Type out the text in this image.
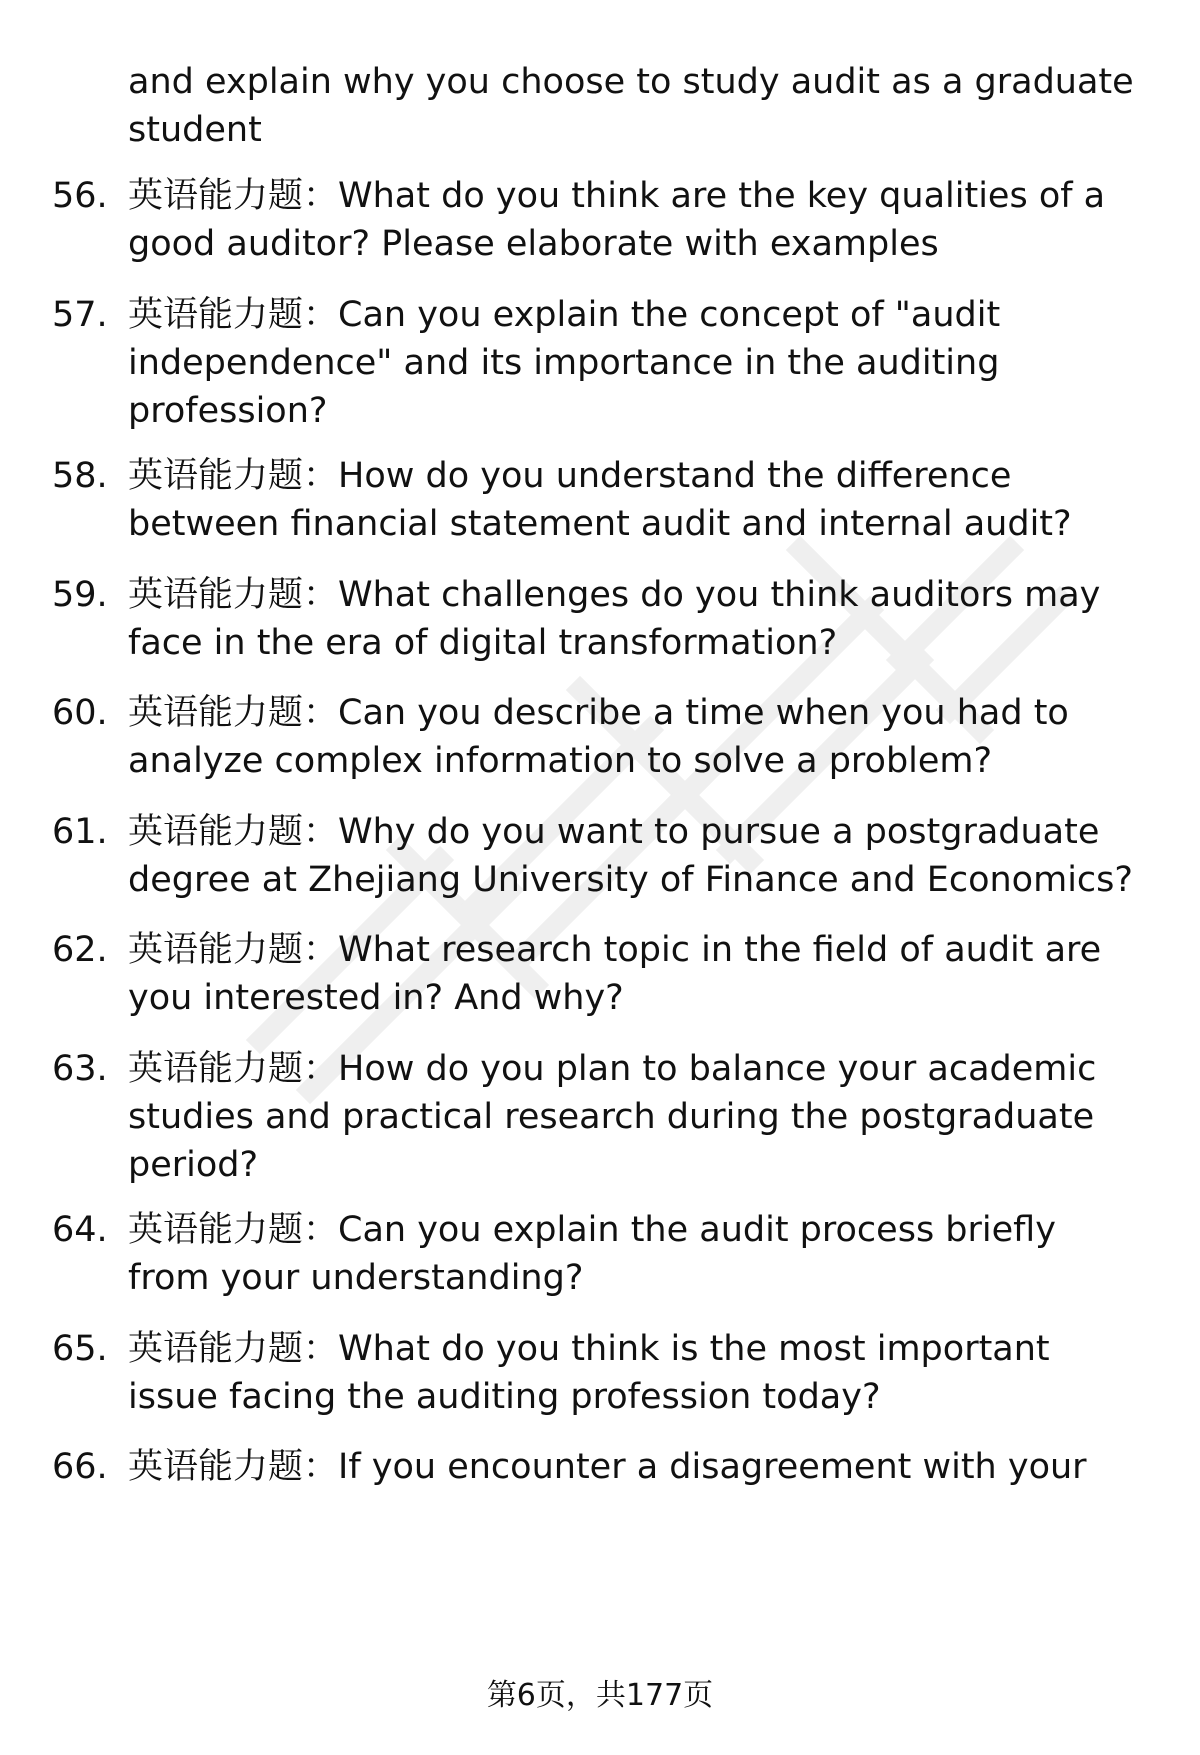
and explain why you choose to study audit as a graduate student

56. 英语能力题：What do you think are the key qualities of a good auditor? Please elaborate with examples
57. 英语能力题：Can you explain the concept of "audit independence" and its importance in the auditing profession?
58. 英语能力题：How do you understand the difference between financial statement audit and internal audit?
59. 英语能力题：What challenges do you think auditors may face in the era of digital transformation?
60. 英语能力题：Can you describe a time when you had to analyze complex information to solve a problem?
61. 英语能力题：Why do you want to pursue a postgraduate degree at Zhejiang University of Finance and Economics?
62. 英语能力题：What research topic in the field of audit are you interested in? And why?
63. 英语能力题：How do you plan to balance your academic studies and practical research during the postgraduate period?
64. 英语能力题：Can you explain the audit process briefly from your understanding?
65. 英语能力题：What do you think is the most important issue facing the auditing profession today?
66. 英语能力题：If you encounter a disagreement with your
第6页，共177页
